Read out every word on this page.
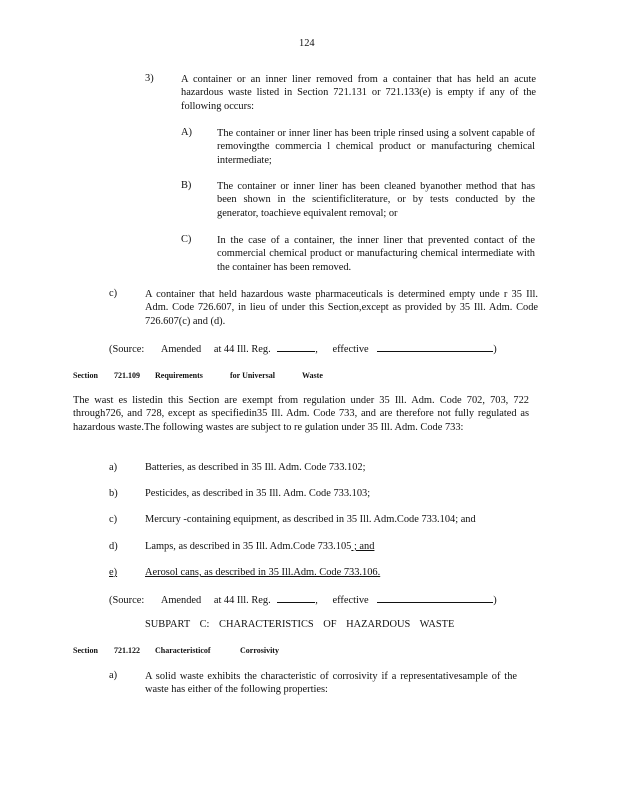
124
3)	A container or an inner liner removed from a container that has held an acute hazardous waste listed in Section 721.131 or 721.133(e) is empty if any of the following occurs:
A) The container or inner liner has been triple rinsed using a solvent capable of removingthe commercia l chemical product or manufacturing chemical intermediate;
B) The container or inner liner has been cleaned byanother method that has been shown in the scientificliterature, or by tests conducted by the generator, toachieve equivalent removal; or
C) In the case of a container, the inner liner that prevented contact of the commercial chemical product or manufacturing chemical intermediate with the container has been removed.
c)	A container that held hazardous waste pharmaceuticals is determined empty unde r 35 Ill. Adm. Code 726.607, in lieu of under this Section,except as provided by 35 Ill. Adm. Code 726.607(c) and (d).
(Source: Amended at 44 Ill. Reg.	, effective	)
Section 721.109 Requirements	for Universal	Waste
The wast es listedin this Section are exempt from regulation under 35 Ill. Adm. Code 702, 703, 722 through726, and 728, except as specifiedin35 Ill. Adm. Code 733, and are therefore not fully regulated as hazardous waste.The following wastes are subject to re gulation under 35 Ill. Adm. Code 733:
a)	Batteries, as described in 35 Ill. Adm. Code 733.102;
b)	Pesticides, as described in 35 Ill. Adm. Code 733.103;
c)	Mercury -containing equipment, as described in 35 Ill. Adm.Code 733.104; and
d)	Lamps, as described in 35 Ill. Adm.Code 733.105 ; and
e)	Aerosol cans, as described in 35 Ill.Adm. Code 733.106.
(Source: Amended at 44 Ill. Reg.	, effective	)
SUBPART C: CHARACTERISTICS OF HAZARDOUS WASTE
Section 721.122 Characteristicof	Corrosivity
a)	A solid waste exhibits the characteristic of corrosivity if a representativesample of the waste has either of the following properties:
